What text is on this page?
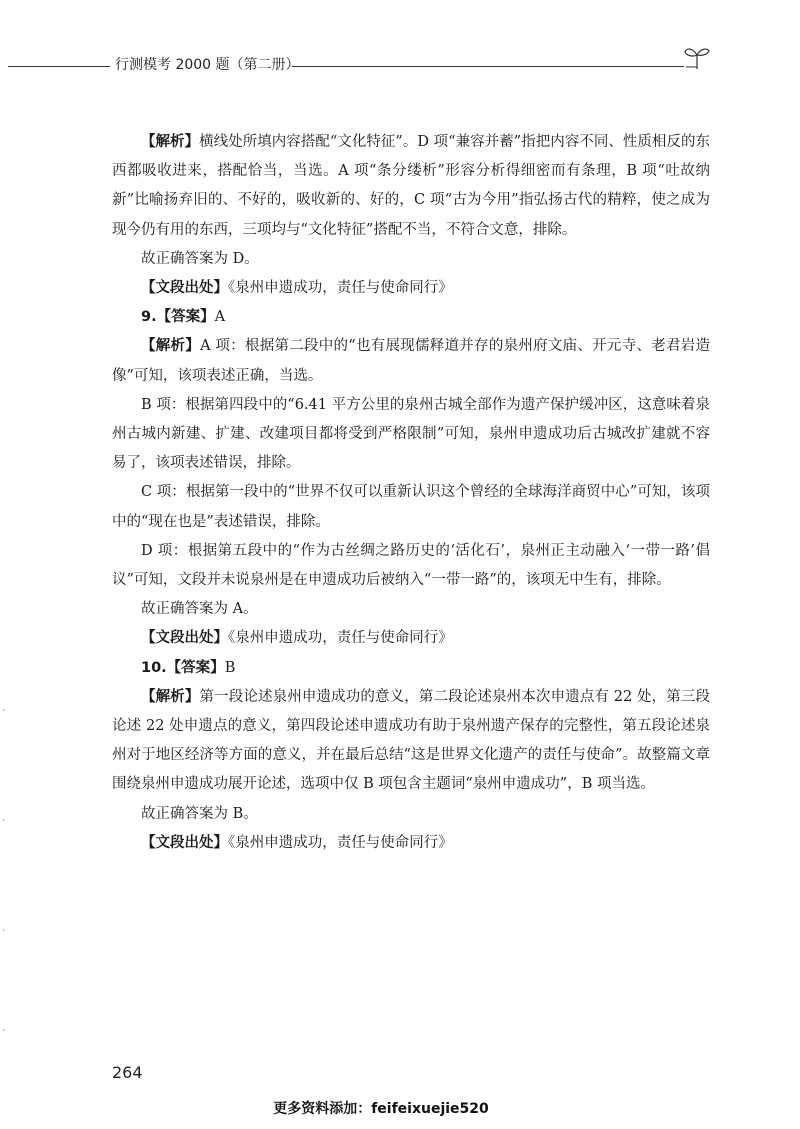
行测模考 2000 题（第二册）

【解析】横线处所填内容搭配“文化特征”。D 项“兼容并蓄”指把内容不同、性质相反的东西都吸收进来，搭配恰当，当选。A 项“条分缕析”形容分析得细密而有条理，B 项“吐故纳新”比喻扬弃旧的、不好的，吸收新的、好的，C 项“古为今用”指弘扬古代的精粹，使之成为现今仍有用的东西，三项均与“文化特征”搭配不当，不符合文意，排除。

故正确答案为 D。

【文段出处】《泉州申遗成功，责任与使命同行》

9.【答案】A

【解析】A 项：根据第二段中的“也有展现儒释道并存的泉州府文庙、开元寺、老君岩造像”可知，该项表述正确，当选。

B 项：根据第四段中的“6.41 平方公里的泉州古城全部作为遗产保护缓冲区，这意味着泉州古城内新建、扩建、改建项目都将受到严格限制”可知，泉州申遗成功后古城改扩建就不容易了，该项表述错误，排除。

C 项：根据第一段中的“世界不仅可以重新认识这个曾经的全球海洋商贸中心”可知，该项中的“现在也是”表述错误，排除。

D 项：根据第五段中的“作为古丝绸之路历史的‘活化石’，泉州正主动融入‘一带一路’倡议”可知，文段并未说泉州是在申遗成功后被纳入“一带一路”的，该项无中生有，排除。

故正确答案为 A。

【文段出处】《泉州申遗成功，责任与使命同行》

10.【答案】B

【解析】第一段论述泉州申遗成功的意义，第二段论述泉州本次申遗点有 22 处，第三段论述 22 处申遗点的意义，第四段论述申遗成功有助于泉州遗产保存的完整性，第五段论述泉州对于地区经济等方面的意义，并在最后总结“这是世界文化遗产的责任与使命”。故整篇文章围绕泉州申遗成功展开论述，选项中仅 B 项包含主题词“泉州申遗成功”，B 项当选。

故正确答案为 B。

【文段出处】《泉州申遗成功，责任与使命同行》

264
更多资料添加：feifeixuejie520
